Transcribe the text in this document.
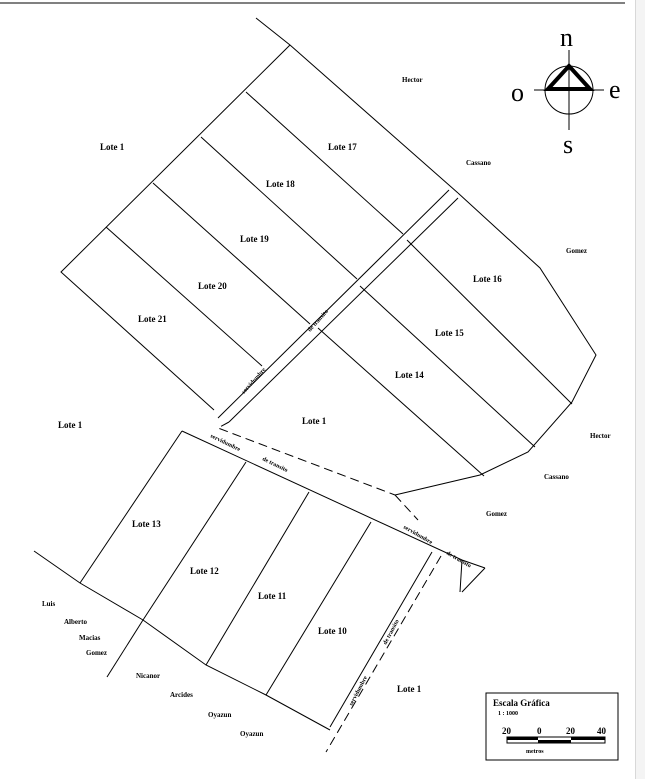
Lote 1	Lote 17
Lote 18
Lote 19
Lote 20
Lote 21
Lote 16
Lote 15
Lote 14
Lote 1
Lote 1
Lote 13
Lote 12
Lote 11
Lote 10
Lote 1
servidumbre
de transito
servidumbre
de transito
servidumbre
de transito
servidumbre
de transito
Hector
Cassano
Gomez
Hector
Cassano
Gomez
Luis
Alberto
Macias
Gomez
Nicanor
Arcides
Oyazun
Oyazun
n
s
e
o
Escala Gráfica
1 : 1000
20	0	20 40
metros
